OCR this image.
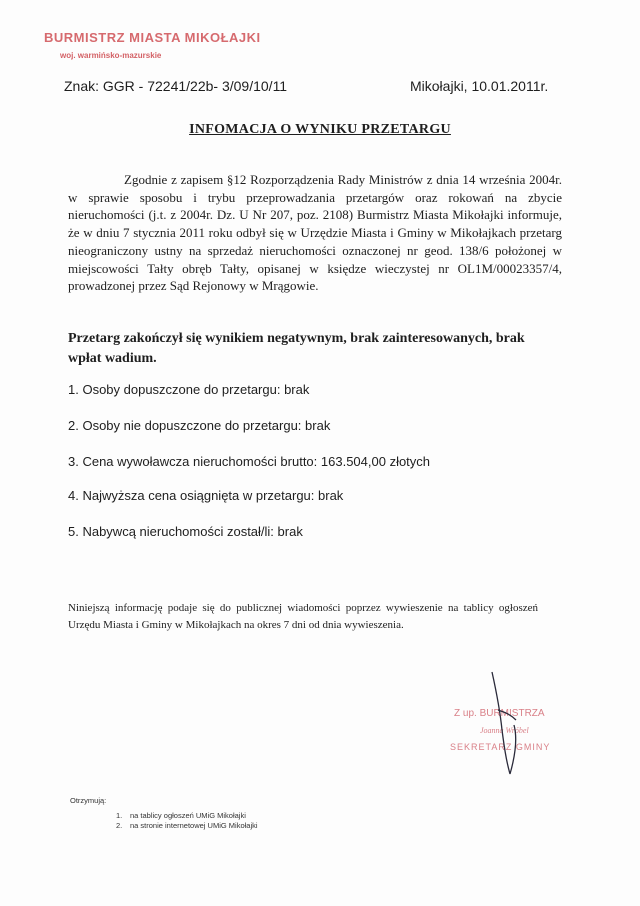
BURMISTRZ MIASTA MIKOŁAJKI
woj. warmińsko-mazurskie
Znak: GGR - 72241/22b- 3/09/10/11	Mikołajki, 10.01.2011r.
INFOMACJA O WYNIKU PRZETARGU
Zgodnie z zapisem §12 Rozporządzenia Rady Ministrów z dnia 14 września 2004r. w sprawie sposobu i trybu przeprowadzania przetargów oraz rokowań na zbycie nieruchomości (j.t. z 2004r. Dz. U Nr 207, poz. 2108) Burmistrz Miasta Mikołajki informuje, że w dniu 7 stycznia 2011 roku odbył się w Urzędzie Miasta i Gminy w Mikołajkach przetarg nieograniczony ustny na sprzedaż nieruchomości oznaczonej nr geod. 138/6 położonej w miejscowości Tałty obręb Tałty, opisanej w księdze wieczystej nr OL1M/00023357/4, prowadzonej przez Sąd Rejonowy w Mrągowie.
Przetarg zakończył się wynikiem negatywnym, brak zainteresowanych, brak wpłat wadium.
1. Osoby dopuszczone do przetargu: brak
2. Osoby nie dopuszczone do przetargu: brak
3. Cena wywoławcza nieruchomości brutto: 163.504,00 złotych
4. Najwyższa cena osiągnięta w przetargu: brak
5. Nabywcą nieruchomości został/li: brak
Niniejszą informację podaje się do publicznej wiadomości poprzez wywieszenie na tablicy ogłoszeń Urzędu Miasta i Gminy w Mikołajkach na okres 7 dni od dnia wywieszenia.
Z up. BURMISTRZA
Joanna Wróbel
SEKRETARZ GMINY
Otrzymują:
1. na tablicy ogłoszeń UMiG Mikołajki
2. na stronie internetowej UMiG Mikołajki
